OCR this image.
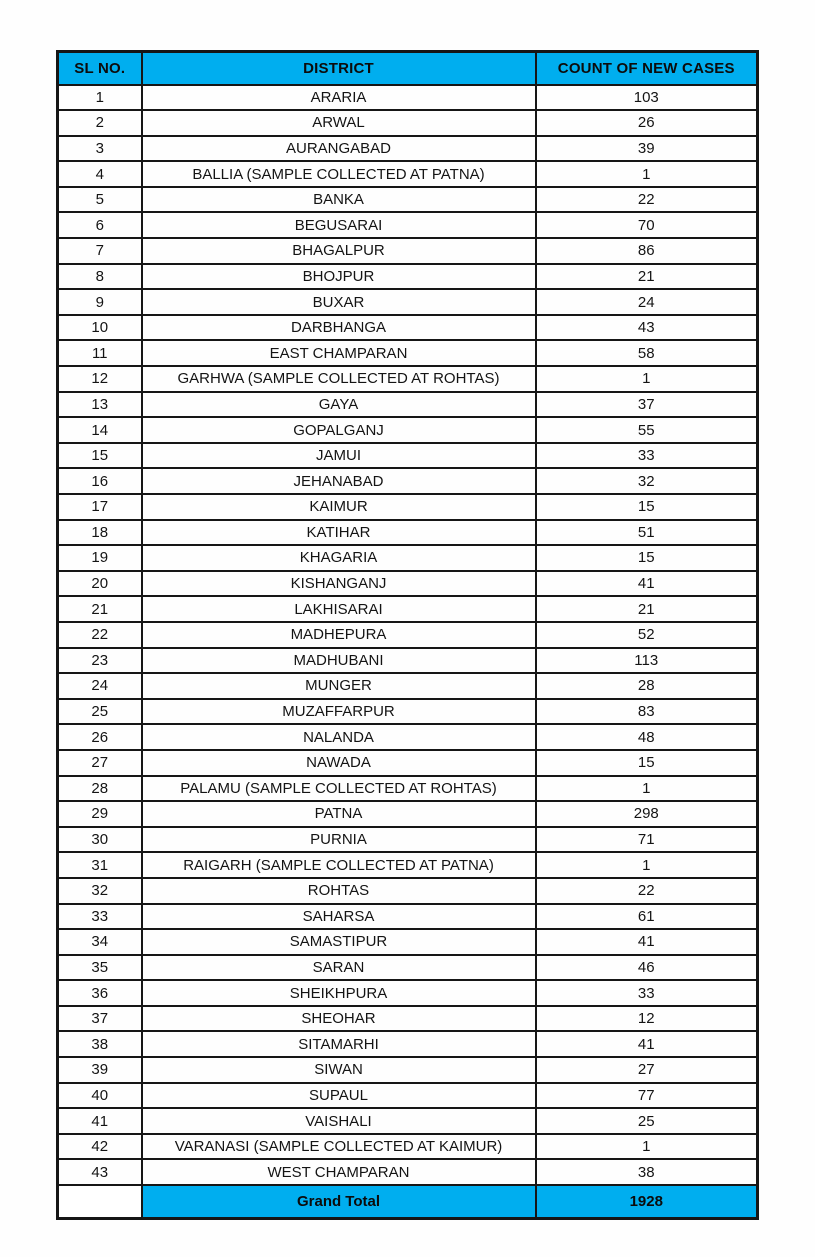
SL NO.	DISTRICT	COUNT OF NEW CASES
1	ARARIA	103
2	ARWAL	26
3	AURANGABAD	39
4	BALLIA (SAMPLE COLLECTED AT PATNA)	1
5	BANKA	22
6	BEGUSARAI	70
7	BHAGALPUR	86
8	BHOJPUR	21
9	BUXAR	24
10	DARBHANGA	43
11	EAST CHAMPARAN	58
12	GARHWA (SAMPLE COLLECTED AT ROHTAS)	1
13	GAYA	37
14	GOPALGANJ	55
15	JAMUI	33
16	JEHANABAD	32
17	KAIMUR	15
18	KATIHAR	51
19	KHAGARIA	15
20	KISHANGANJ	41
21	LAKHISARAI	21
22	MADHEPURA	52
23	MADHUBANI	113
24	MUNGER	28
25	MUZAFFARPUR	83
26	NALANDA	48
27	NAWADA	15
28	PALAMU (SAMPLE COLLECTED AT ROHTAS)	1
29	PATNA	298
30	PURNIA	71
31	RAIGARH (SAMPLE COLLECTED AT PATNA)	1
32	ROHTAS	22
33	SAHARSA	61
34	SAMASTIPUR	41
35	SARAN	46
36	SHEIKHPURA	33
37	SHEOHAR	12
38	SITAMARHI	41
39	SIWAN	27
40	SUPAUL	77
41	VAISHALI	25
42	VARANASI (SAMPLE COLLECTED AT KAIMUR)	1
43	WEST CHAMPARAN	38
	Grand Total	1928
